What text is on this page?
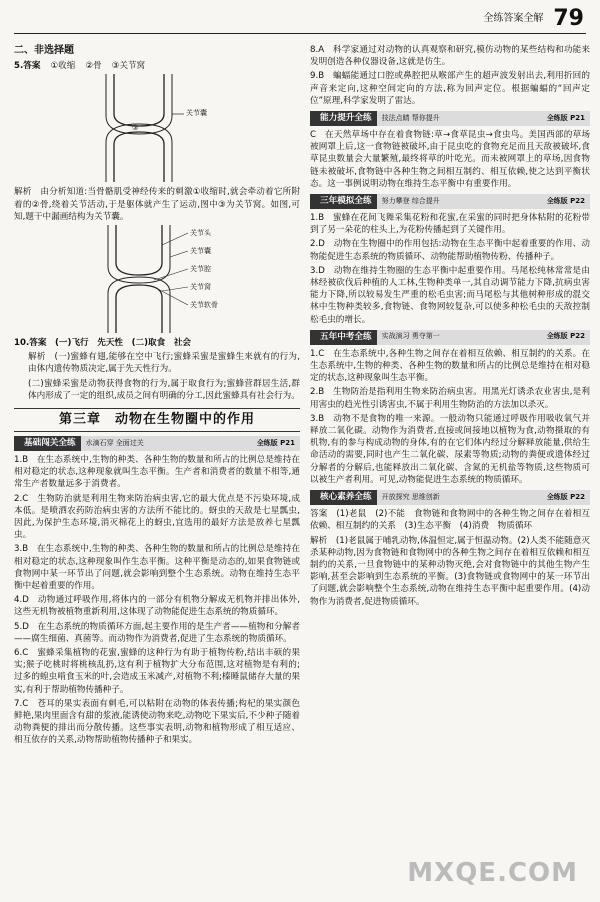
全练答案全解 79
二、非选择题
5.答案 ①收缩 ②骨 ③关节窝
关节囊
③

解析　由分析知道:当骨骼肌受神经传来的刺激①收缩时,就会牵动着它所附着的②骨,绕着关节活动,于是躯体就产生了运动,图中③为关节窝。如图,可知,题干中漏画结构为关节囊。

关节头
关节囊
关节腔
关节窝
关节软骨

10.答案　(一)飞行　先天性　(二)取食　社会

解析　(一)蜜蜂有翅,能够在空中飞行;蜜蜂采蜜是蜜蜂生来就有的行为,由体内遗传物质决定,属于先天性行为。

(二)蜜蜂采蜜是动物获得食物的行为,属于取食行为;蜜蜂营群居生活,群体内形成了一定的组织,成员之间有明确的分工,因此蜜蜂具有社会行为。

第三章　动物在生物圈中的作用
基础闯关全练	水滴石穿 全面过关	全练版 P21

1.B　在生态系统中,生物的种类、各种生物的数量和所占的比例总是维持在相对稳定的状态,这种现象就叫生态平衡。生产者和消费者的数量不相等,通常生产者数量远多于消费者。

2.C　生物防治就是利用生物来防治病虫害,它的最大优点是不污染环境,成本低。是喷洒农药防治病虫害的方法所不能比的。蚜虫的天敌是七星瓢虫,因此,为保护生态环境,消灭棉花上的蚜虫,宜选用的最好方法是放养七星瓢虫。

3.B　在生态系统中,生物的种类、各种生物的数量和所占的比例总是维持在相对稳定的状态,这种现象叫作生态平衡。这种平衡是动态的,如果食物链或食物网中某一环节出了问题,就会影响到整个生态系统。动物在维持生态平衡中起着重要的作用。

4.D　动物通过呼吸作用,将体内的一部分有机物分解成无机物并排出体外,这些无机物被植物重新利用,这体现了动物能促进生态系统的物质循环。

5.D　在生态系统的物质循环方面,起主要作用的是生产者——植物和分解者——腐生细菌、真菌等。而动物作为消费者,促进了生态系统的物质循环。

6.C　蜜蜂采集植物的花蜜,蜜蜂的这种行为有助于植物传粉,结出丰硕的果实;猴子吃桃时将桃核乱扔,这有利于植物扩大分布范围,这对植物是有利的;过多的蝗虫啃食玉米的叶,会造成玉米减产,对植物不利;榛睡鼠储存大量的果实,有利于帮助植物传播种子。

7.C　苍耳的果实表面有刺毛,可以粘附在动物的体表传播;构杞的果实颜色鲜艳,果肉里面含有甜的浆液,能诱使动物来吃,动物吃下果实后,不少种子随着动物粪便的排出而分散传播。这些事实表明,动物和植物形成了相互适应、相互依存的关系,动物帮助植物传播种子和果实。

8.A　科学家通过对动物的认真观察和研究,模仿动物的某些结构和功能来发明创造各种仪器设备,这就是仿生。

9.B　蝙蝠能通过口腔或鼻腔把从喉部产生的超声波发射出去,利用折回的声音来定向,这种空间定向的方法,称为回声定位。根据蝙蝠的“回声定位”原理,科学家发明了雷达。

能力提升全练	技法点睛 帮你提升	全练版 P21

C　在天然草场中存在着食物链:草→食草昆虫→食虫鸟。美国西部的草场被网罩上后,这一食物链被破坏,由于昆虫吃的食物充足而且天敌被破坏,食草昆虫数量会大量繁殖,最终将草的叶吃光。而未被网罩上的草场,因食物链未被破坏,食物链中各种生物之间相互制约、相互依赖,使之达到平衡状态。这一事例说明动物在维持生态平衡中有重要作用。

三年模拟全练	努力攀登 综合提升	全练版 P22

1.B　蜜蜂在花间飞舞采集花粉和花蜜,在采蜜的同时把身体粘附的花粉带到了另一朵花的柱头上,为花粉传播起到了关键作用。

2.D　动物在生物圈中的作用包括:动物在生态平衡中起着重要的作用、动物能促进生态系统的物质循环、动物能帮助植物传粉、传播种子。

3.D　动物在维持生物圈的生态平衡中起重要作用。马尾松纯林常常是由林经被砍伐后种植的人工林,生物种类单一,其自动调节能力下降,抗病虫害能力下降,所以较易发生严重的松毛虫害;而马尾松与其他树种形成的混交林中生物种类较多,食物链、食物网较复杂,可以使多种松毛虫的天敌控制松毛虫的增长。

五年中考全练	实战演习 勇夺第一	全练版 P22

1.C　在生态系统中,各种生物之间存在着相互依赖、相互制约的关系。在生态系统中,生物的种类、各种生物的数量和所占的比例总是维持在相对稳定的状态,这种现象叫生态平衡。

2.B　生物防治是指利用生物来防治病虫害。用黑光灯诱杀农业害虫,是利用害虫的趋光性引诱害虫,不属于利用生物防治的方法加以杀灭。

3.B　动物不是食物的唯一来源。一般动物只能通过呼吸作用吸收氧气并释放二氧化碳。动物作为消费者,直接或间接地以植物为食,动物摄取的有机物,有的参与构成动物的身体,有的在它们体内经过分解释放能量,供给生命活动的需要,同时也产生二氧化碳、尿素等物质;动物的粪便或遗体经过分解者的分解后,也能释放出二氧化碳、含氮的无机盐等物质,这些物质可以被生产者利用。可见,动物能促进生态系统的物质循环。

核心素养全练	开放探究 思维创新	全练版 P22

答案　(1)老鼠　(2)不能　食物链和食物网中的各种生物之间存在着相互依赖、相互制约的关系　(3)生态平衡　(4)消费　物质循环

解析　(1)老鼠属于哺乳动物,体温恒定,属于恒温动物。(2)人类不能随意灭杀某种动物,因为食物链和食物网中的各种生物之间存在着相互依赖和相互制约的关系,一旦食物链中的某种动物灭绝,会对食物链中的其他生物产生影响,甚至会影响到生态系统的平衡。(3)食物链或食物网中的某一环节出了问题,就会影响整个生态系统,动物在维持生态平衡中起重要作用。(4)动物作为消费者,促进物质循环。

MXQE.COM
